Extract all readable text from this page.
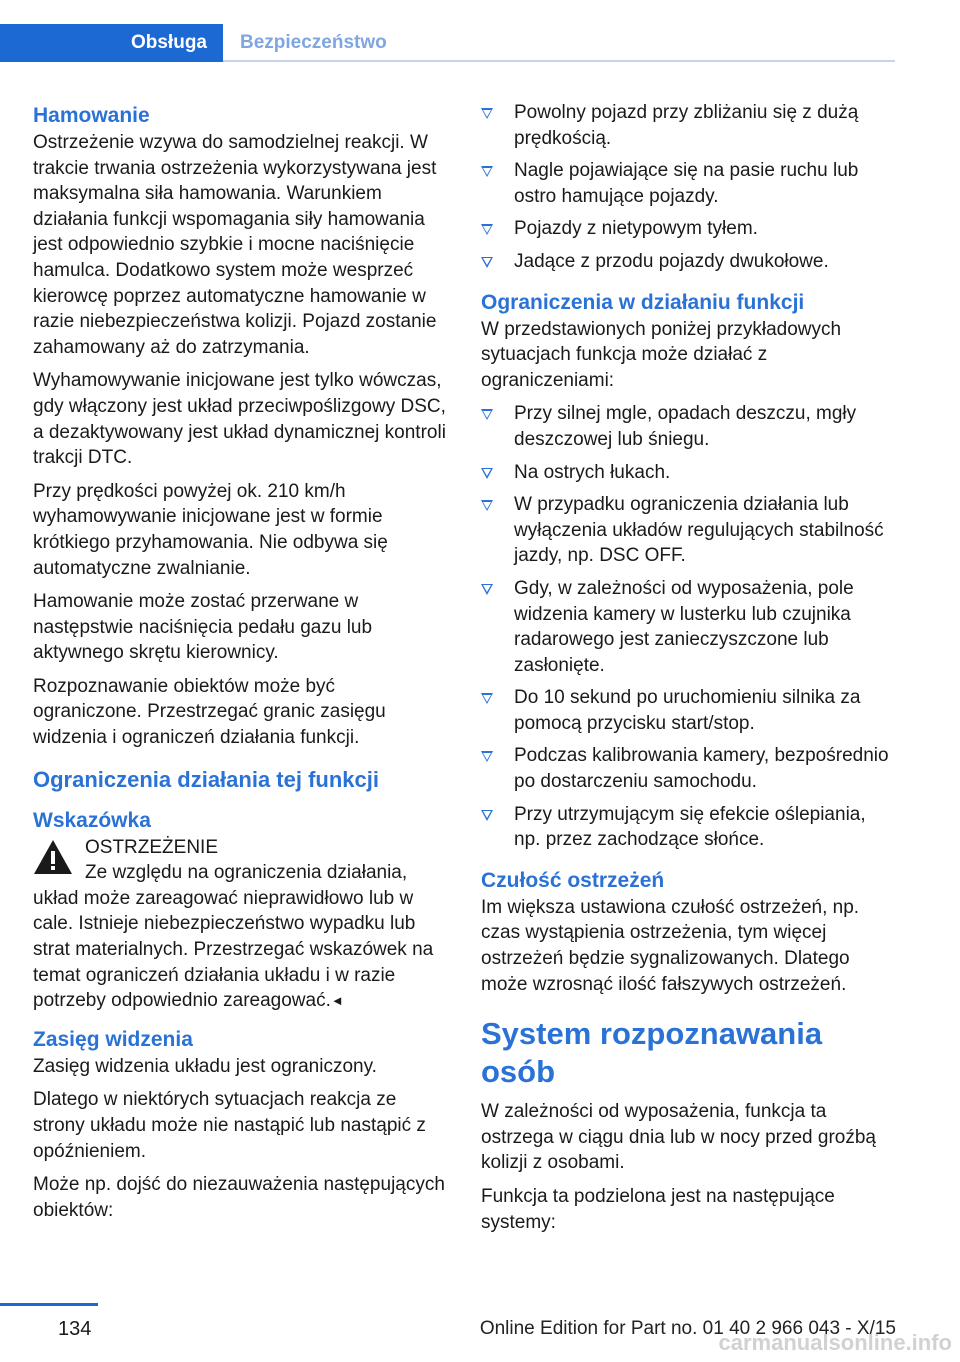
Obsługa	Bezpieczeństwo
Hamowanie

Ostrzeżenie wzywa do samodzielnej reakcji. W trakcie trwania ostrzeżenia wykorzystywana jest maksymalna siła hamowania. Warunkiem działania funkcji wspomagania siły hamowania jest odpowiednio szybkie i mocne naciśnięcie hamulca. Dodatkowo system może wesprzeć kierowcę poprzez automatyczne hamowanie w razie niebezpieczeństwa kolizji. Pojazd zostanie zahamowany aż do zatrzymania.

Wyhamowywanie inicjowane jest tylko wówczas, gdy włączony jest układ przeciwpoślizgowy DSC, a dezaktywowany jest układ dynamicznej kontroli trakcji DTC.

Przy prędkości powyżej ok. 210 km/h wyhamowywanie inicjowane jest w formie krótkiego przyhamowania. Nie odbywa się automatyczne zwalnianie.

Hamowanie może zostać przerwane w następstwie naciśnięcia pedału gazu lub aktywnego skrętu kierownicy.

Rozpoznawanie obiektów może być ograniczone. Przestrzegać granic zasięgu widzenia i ograniczeń działania funkcji.

Ograniczenia działania tej funkcji
Wskazówka
OSTRZEŻENIE
Ze względu na ograniczenia działania,
układ może zareagować nieprawidłowo lub w cale. Istnieje niebezpieczeństwo wypadku lub strat materialnych. Przestrzegać wskazówek na temat ograniczeń działania układu i w razie potrzeby odpowiednio zareagować.◄
Zasięg widzenia

Zasięg widzenia układu jest ograniczony.

Dlatego w niektórych sytuacjach reakcja ze strony układu może nie nastąpić lub nastąpić z opóźnieniem.

Może np. dojść do niezauważenia następujących obiektów:

Powolny pojazd przy zbliżaniu się z dużą prędkością.
Nagle pojawiające się na pasie ruchu lub ostro hamujące pojazdy.
Pojazdy z nietypowym tyłem.
Jadące z przodu pojazdy dwukołowe.
Ograniczenia w działaniu funkcji

W przedstawionych poniżej przykładowych sytuacjach funkcja może działać z ograniczeniami:

Przy silnej mgle, opadach deszczu, mgły deszczowej lub śniegu.
Na ostrych łukach.
W przypadku ograniczenia działania lub wyłączenia układów regulujących stabilność jazdy, np. DSC OFF.
Gdy, w zależności od wyposażenia, pole widzenia kamery w lusterku lub czujnika radarowego jest zanieczyszczone lub zasłonięte.
Do 10 sekund po uruchomieniu silnika za pomocą przycisku start/stop.
Podczas kalibrowania kamery, bezpośrednio po dostarczeniu samochodu.
Przy utrzymującym się efekcie oślepiania, np. przez zachodzące słońce.
Czułość ostrzeżeń

Im większa ustawiona czułość ostrzeżeń, np. czas wystąpienia ostrzeżenia, tym więcej ostrzeżeń będzie sygnalizowanych. Dlatego może wzrosnąć ilość fałszywych ostrzeżeń.

System rozpoznawania osób

W zależności od wyposażenia, funkcja ta ostrzega w ciągu dnia lub w nocy przed groźbą kolizji z osobami.

Funkcja ta podzielona jest na następujące systemy:

134	Online Edition for Part no. 01 40 2 966 043 - X/15
carmanualsonline.info
